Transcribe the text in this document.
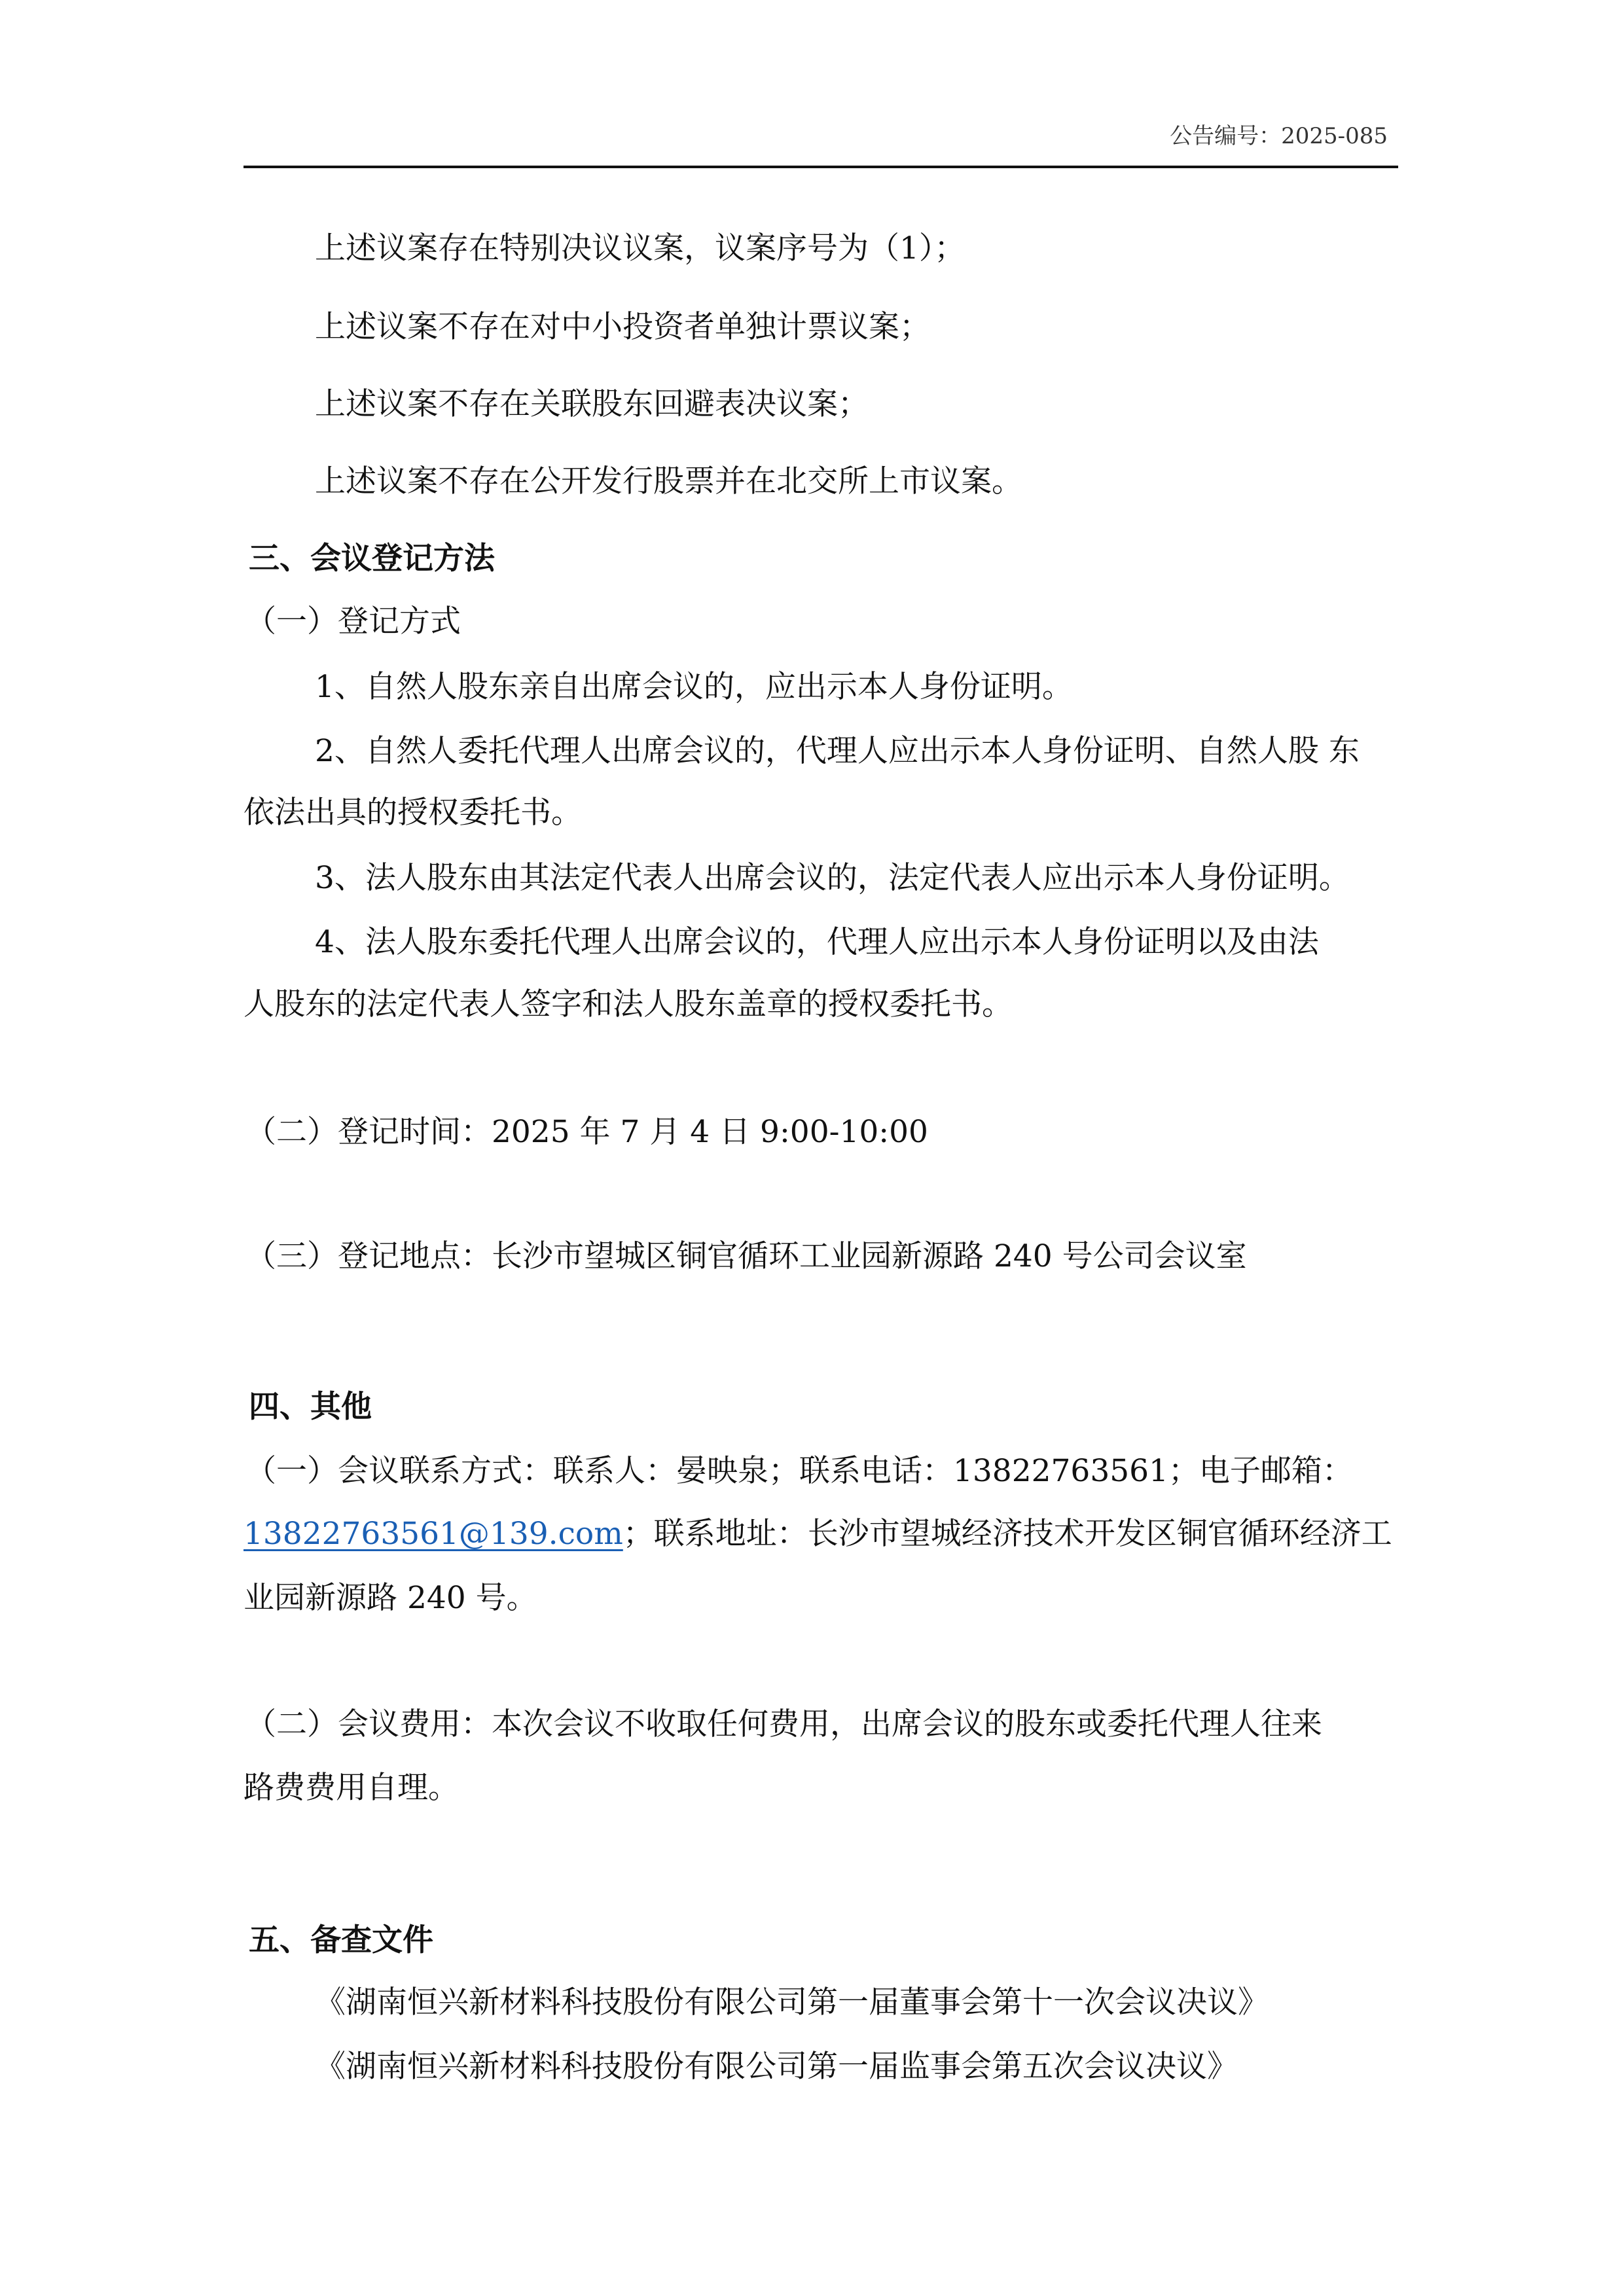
公告编号：2025-085
上述议案存在特别决议议案，议案序号为（1）；
上述议案不存在对中小投资者单独计票议案；
上述议案不存在关联股东回避表决议案；
上述议案不存在公开发行股票并在北交所上市议案。
三、会议登记方法
（一）登记方式
1、自然人股东亲自出席会议的，应出示本人身份证明。
2、自然人委托代理人出席会议的，代理人应出示本人身份证明、自然人股 东
依法出具的授权委托书。
3、法人股东由其法定代表人出席会议的，法定代表人应出示本人身份证明。
4、法人股东委托代理人出席会议的，代理人应出示本人身份证明以及由法
人股东的法定代表人签字和法人股东盖章的授权委托书。
（二）登记时间：2025 年 7 月 4 日 9:00-10:00
（三）登记地点：长沙市望城区铜官循环工业园新源路 240 号公司会议室
四、其他
（一）会议联系方式：联系人：晏映泉；联系电话：13822763561；电子邮箱：
13822763561@139.com；联系地址：长沙市望城经济技术开发区铜官循环经济工
业园新源路 240 号。
（二）会议费用：本次会议不收取任何费用，出席会议的股东或委托代理人往来
路费费用自理。
五、备查文件
《湖南恒兴新材料科技股份有限公司第一届董事会第十一次会议决议》
《湖南恒兴新材料科技股份有限公司第一届监事会第五次会议决议》
